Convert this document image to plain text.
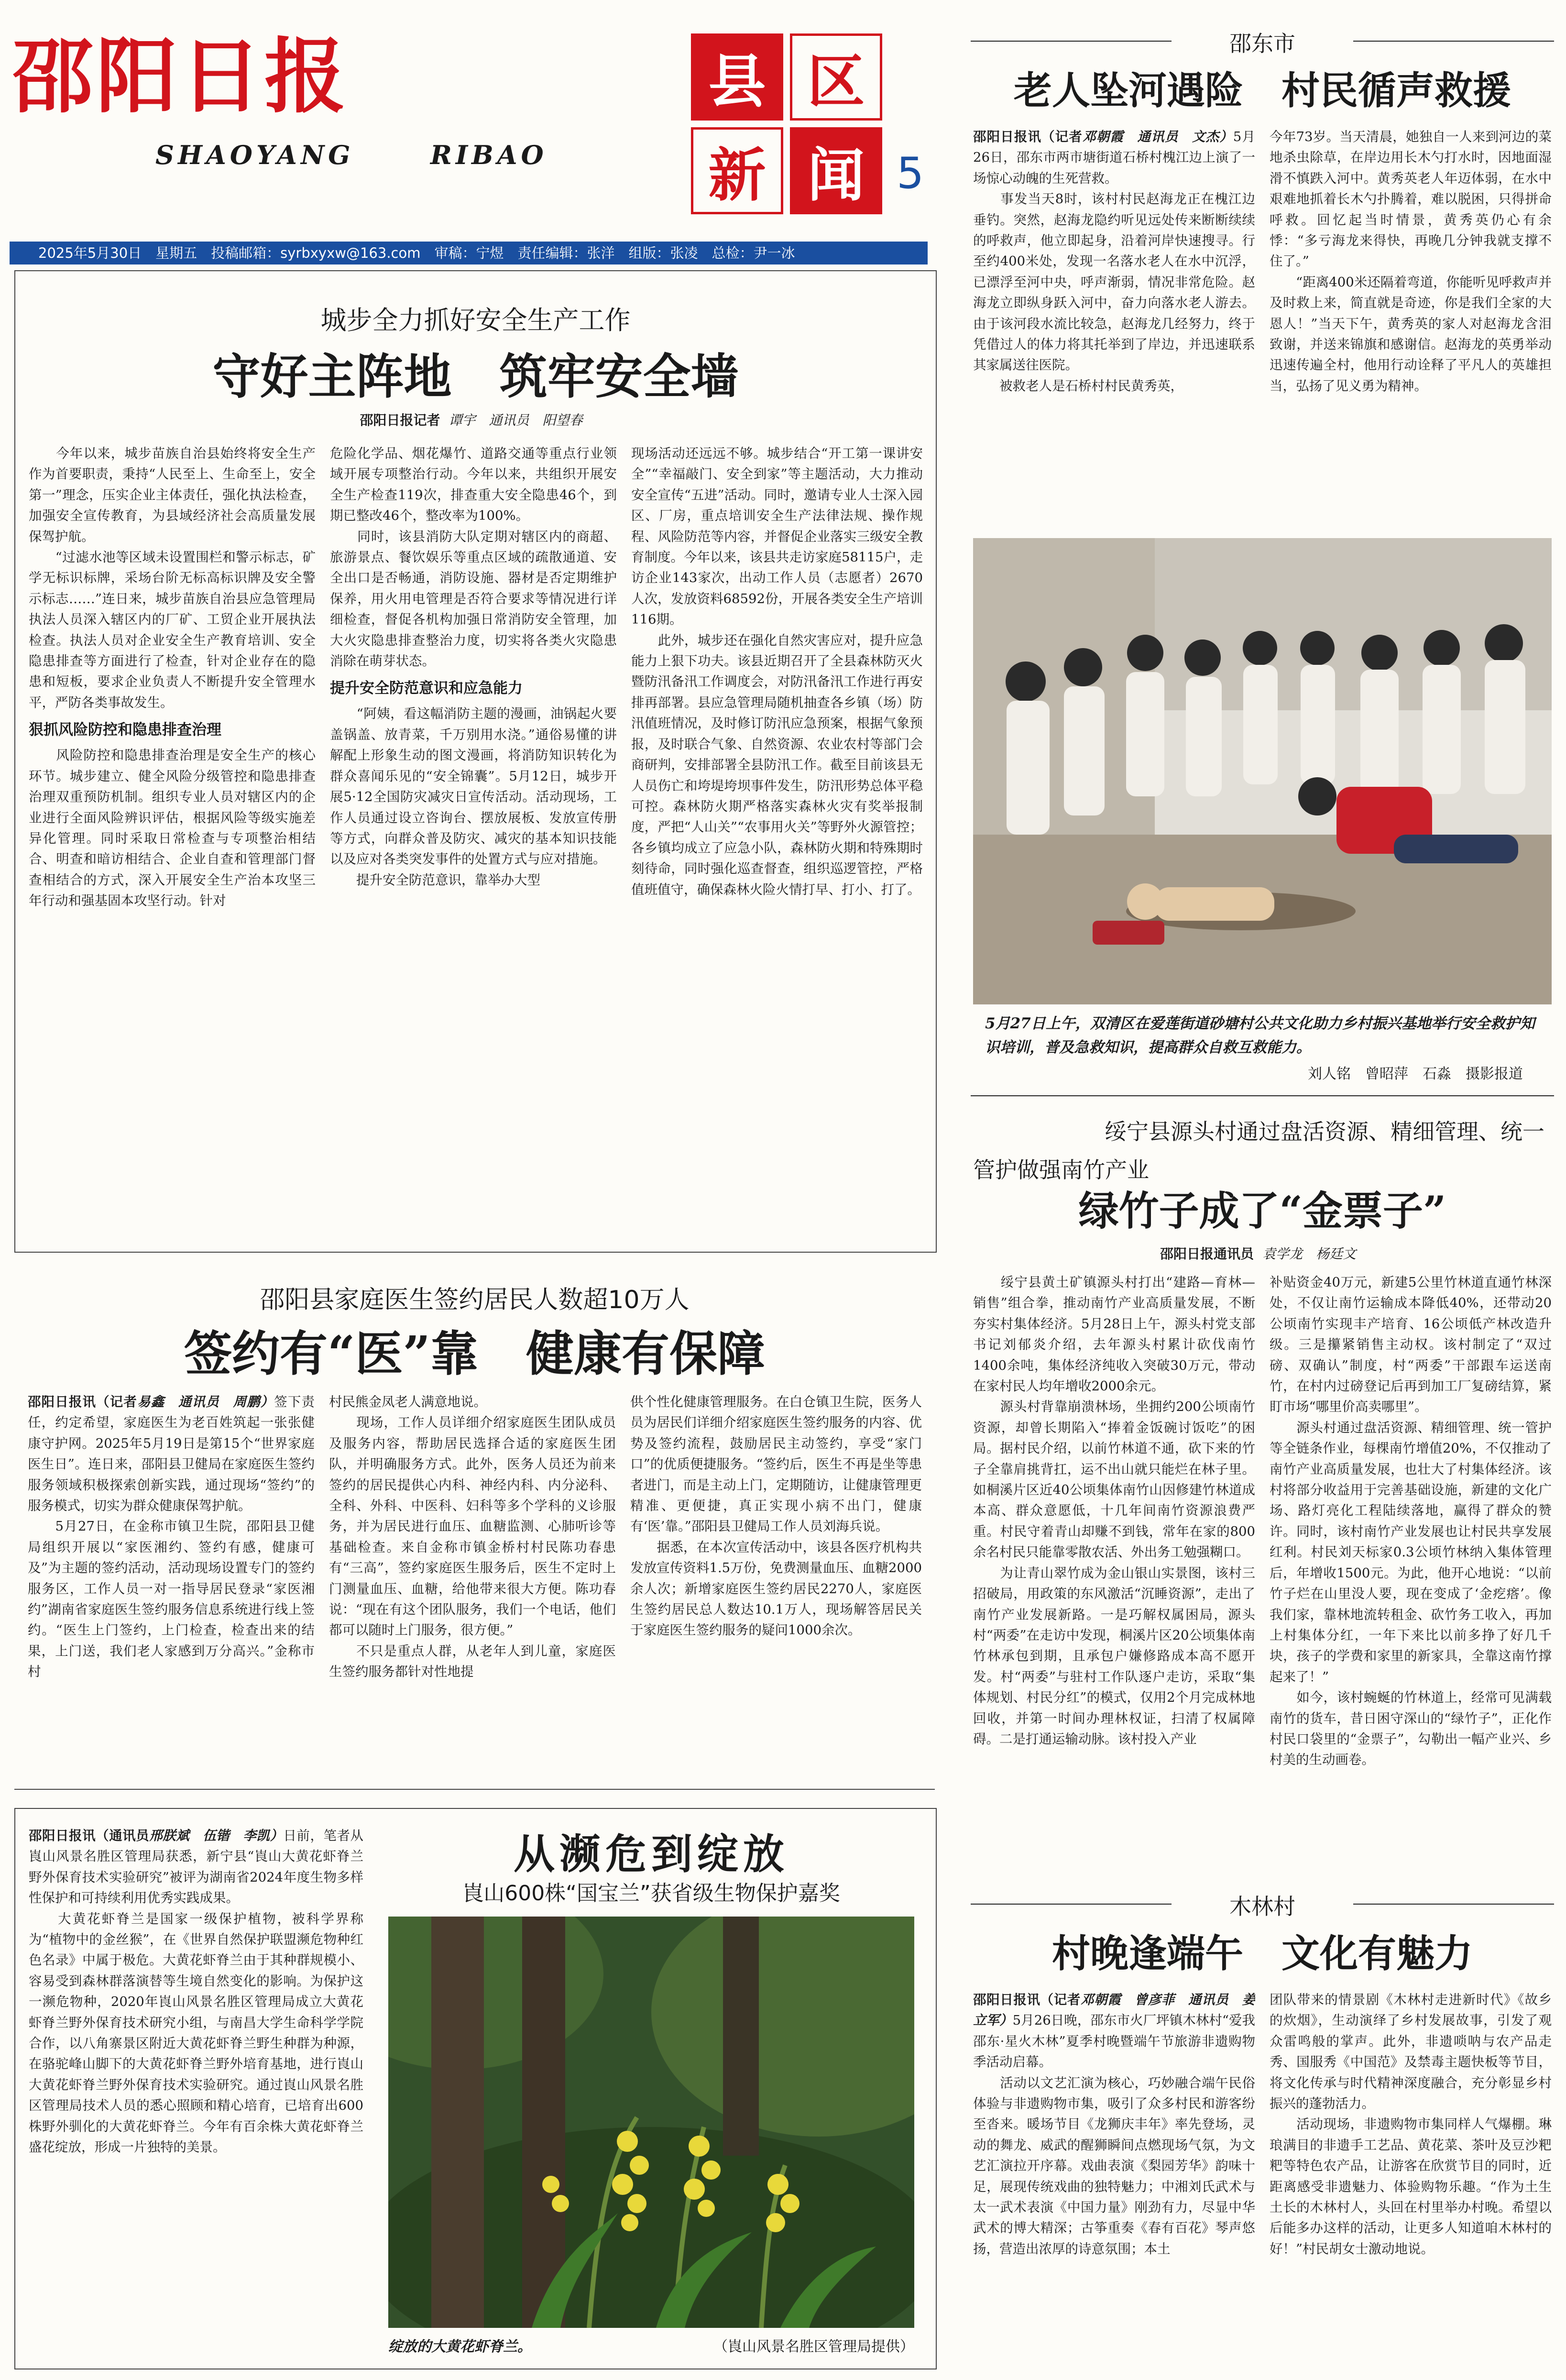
邵阳日报
SHAOYANG	RIBAO
县 区
新 闻 5
2025年5月30日　星期五　投稿邮箱：syrbxyxw@163.com　审稿：宁煜　责任编辑：张洋　组版：张凌　总检：尹一冰
城步全力抓好安全生产工作
守好主阵地　筑牢安全墙
邵阳日报记者 谭宇　通讯员　阳望春

　　今年以来，城步苗族自治县始终将安全生产作为首要职责，秉持“人民至上、生命至上，安全第一”理念，压实企业主体责任，强化执法检查，加强安全宣传教育，为县域经济社会高质量发展保驾护航。
　　“过滤水池等区域未设置围栏和警示标志，矿学无标识标牌，采场台阶无标高标识牌及安全警示标志……”连日来，城步苗族自治县应急管理局执法人员深入辖区内的厂矿、工贸企业开展执法检查。执法人员对企业安全生产教育培训、安全隐患排查等方面进行了检查，针对企业存在的隐患和短板，要求企业负责人不断提升安全管理水平，严防各类事故发生。

狠抓风险防控和隐患排查治理

　　风险防控和隐患排查治理是安全生产的核心环节。城步建立、健全风险分级管控和隐患排查治理双重预防机制。组织专业人员对辖区内的企业进行全面风险辨识评估，根据风险等级实施差异化管理。同时采取日常检查与专项整治相结合、明查和暗访相结合、企业自查和管理部门督查相结合的方式，深入开展安全生产治本攻坚三年行动和强基固本攻坚行动。针对

危险化学品、烟花爆竹、道路交通等重点行业领域开展专项整治行动。今年以来，共组织开展安全生产检查119次，排查重大安全隐患46个，到期已整改46个，整改率为100%。
　　同时，该县消防大队定期对辖区内的商超、旅游景点、餐饮娱乐等重点区域的疏散通道、安全出口是否畅通，消防设施、器材是否定期维护保养，用火用电管理是否符合要求等情况进行详细检查，督促各机构加强日常消防安全管理，加大火灾隐患排查整治力度，切实将各类火灾隐患消除在萌芽状态。

提升安全防范意识和应急能力

　　“阿姨，看这幅消防主题的漫画，油锅起火要盖锅盖、放青菜，千万别用水浇。”通俗易懂的讲解配上形象生动的图文漫画，将消防知识转化为群众喜闻乐见的“安全锦囊”。5月12日，城步开展5·12全国防灾减灾日宣传活动。活动现场，工作人员通过设立咨询台、摆放展板、发放宣传册等方式，向群众普及防灾、减灾的基本知识技能以及应对各类突发事件的处置方式与应对措施。
　　提升安全防范意识，靠举办大型

现场活动还远远不够。城步结合“开工第一课讲安全”“幸福敲门、安全到家”等主题活动，大力推动安全宣传“五进”活动。同时，邀请专业人士深入园区、厂房，重点培训安全生产法律法规、操作规程、风险防范等内容，并督促企业落实三级安全教育制度。今年以来，该县共走访家庭58115户，走访企业143家次，出动工作人员（志愿者）2670人次，发放资料68592份，开展各类安全生产培训116期。
　　此外，城步还在强化自然灾害应对，提升应急能力上狠下功夫。该县近期召开了全县森林防灭火暨防汛备汛工作调度会，对防汛备汛工作进行再安排再部署。县应急管理局随机抽查各乡镇（场）防汛值班情况，及时修订防汛应急预案，根据气象预报，及时联合气象、自然资源、农业农村等部门会商研判，安排部署全县防汛工作。截至目前该县无人员伤亡和垮堤垮坝事件发生，防汛形势总体平稳可控。森林防火期严格落实森林火灾有奖举报制度，严把“人山关”“农事用火关”等野外火源管控；各乡镇均成立了应急小队，森林防火期和特殊期时刻待命，同时强化巡查督查，组织巡逻管控，严格值班值守，确保森林火险火情打早、打小、打了。

邵阳县家庭医生签约居民人数超10万人
签约有“医”靠　健康有保障

邵阳日报讯（记者易鑫　通讯员　周鹏）签下责任，约定希望，家庭医生为老百姓筑起一张张健康守护网。2025年5月19日是第15个“世界家庭医生日”。连日来，邵阳县卫健局在家庭医生签约服务领域积极探索创新实践，通过现场“签约”的服务模式，切实为群众健康保驾护航。
　　5月27日，在金称市镇卫生院，邵阳县卫健局组织开展以“家医湘约、签约有感，健康可及”为主题的签约活动，活动现场设置专门的签约服务区，工作人员一对一指导居民登录“家医湘约”湖南省家庭医生签约服务信息系统进行线上签约。“医生上门签约，上门检查，检查出来的结果，上门送，我们老人家感到万分高兴。”金称市村

村民熊金凤老人满意地说。
　　现场，工作人员详细介绍家庭医生团队成员及服务内容，帮助居民选择合适的家庭医生团队，并明确服务方式。此外，医务人员还为前来签约的居民提供心内科、神经内科、内分泌科、全科、外科、中医科、妇科等多个学科的义诊服务，并为居民进行血压、血糖监测、心肺听诊等基础检查。来自金称市镇金桥村村民陈功春患有“三高”，签约家庭医生服务后，医生不定时上门测量血压、血糖，给他带来很大方便。陈功春说：“现在有这个团队服务，我们一个电话，他们都可以随时上门服务，很方便。”
　　不只是重点人群，从老年人到儿童，家庭医生签约服务都针对性地提

供个性化健康管理服务。在白仓镇卫生院，医务人员为居民们详细介绍家庭医生签约服务的内容、优势及签约流程，鼓励居民主动签约，享受“家门口”的优质便捷服务。“签约后，医生不再是坐等患者进门，而是主动上门，定期随访，让健康管理更精准、更便捷，真正实现小病不出门，健康有‘医’靠。”邵阳县卫健局工作人员刘海兵说。
　　据悉，在本次宣传活动中，该县各医疗机构共发放宣传资料1.5万份，免费测量血压、血糖2000余人次；新增家庭医生签约居民2270人，家庭医生签约居民总人数达10.1万人，现场解答居民关于家庭医生签约服务的疑问1000余次。

邵阳日报讯（通讯员邢朕斌　伍锴　李凯）日前，笔者从崀山风景名胜区管理局获悉，新宁县“崀山大黄花虾脊兰野外保育技术实验研究”被评为湖南省2024年度生物多样性保护和可持续利用优秀实践成果。
　　大黄花虾脊兰是国家一级保护植物，被科学界称为“植物中的金丝猴”，在《世界自然保护联盟濒危物种红色名录》中属于极危。大黄花虾脊兰由于其种群规模小、容易受到森林群落演替等生境自然变化的影响。为保护这一濒危物种，2020年崀山风景名胜区管理局成立大黄花虾脊兰野外保育技术研究小组，与南昌大学生命科学学院合作，以八角寨景区附近大黄花虾脊兰野生种群为种源，在骆驼峰山脚下的大黄花虾脊兰野外培育基地，进行崀山大黄花虾脊兰野外保育技术实验研究。通过崀山风景名胜区管理局技术人员的悉心照顾和精心培育，已培育出600株野外驯化的大黄花虾脊兰。今年有百余株大黄花虾脊兰盛花绽放，形成一片独特的美景。

从濒危到绽放
崀山600株“国宝兰”获省级生物保护嘉奖
绽放的大黄花虾脊兰。	（崀山风景名胜区管理局提供）
邵东市
老人坠河遇险　村民循声救援

邵阳日报讯（记者邓朝霞　通讯员　文杰）5月26日，邵东市两市塘街道石桥村槐江边上演了一场惊心动魄的生死营救。
　　事发当天8时，该村村民赵海龙正在槐江边垂钓。突然，赵海龙隐约听见远处传来断断续续的呼救声，他立即起身，沿着河岸快速搜寻。行至约400米处，发现一名落水老人在水中沉浮，已漂浮至河中央，呼声渐弱，情况非常危险。赵海龙立即纵身跃入河中，奋力向落水老人游去。由于该河段水流比较急，赵海龙几经努力，终于凭借过人的体力将其托举到了岸边，并迅速联系其家属送往医院。
　　被救老人是石桥村村民黄秀英，

今年73岁。当天清晨，她独自一人来到河边的菜地杀虫除草，在岸边用长木勺打水时，因地面湿滑不慎跌入河中。黄秀英老人年迈体弱，在水中艰难地抓着长木勺扑腾着，难以脱困，只得拼命呼救。回忆起当时情景，黄秀英仍心有余悸：“多亏海龙来得快，再晚几分钟我就支撑不住了。”
　　“距离400米还隔着弯道，你能听见呼救声并及时救上来，简直就是奇迹，你是我们全家的大恩人！”当天下午，黄秀英的家人对赵海龙含泪致谢，并送来锦旗和感谢信。赵海龙的英勇举动迅速传遍全村，他用行动诠释了平凡人的英雄担当，弘扬了见义勇为精神。

5月27日上午，双清区在爱莲街道砂塘村公共文化助力乡村振兴基地举行安全救护知识培训，普及急救知识，提高群众自救互救能力。
刘人铭　曾昭萍　石淼　摄影报道
绥宁县源头村通过盘活资源、精细管理、统一
管护做强南竹产业
绿竹子成了“金票子”
邵阳日报通讯员 袁学龙　杨廷文

　　绥宁县黄土矿镇源头村打出“建路—育林—销售”组合拳，推动南竹产业高质量发展，不断夯实村集体经济。5月28日上午，源头村党支部书记刘郁炎介绍，去年源头村累计砍伐南竹1400余吨，集体经济纯收入突破30万元，带动在家村民人均年增收2000余元。
　　源头村背靠崩溃林场，坐拥约200公顷南竹资源，却曾长期陷入“捧着金饭碗讨饭吃”的困局。据村民介绍，以前竹林道不通，砍下来的竹子全靠肩挑背扛，运不出山就只能烂在林子里。如桐溪片区近40公顷集体南竹山因修建竹林道成本高、群众意愿低，十几年间南竹资源浪费严重。村民守着青山却赚不到钱，常年在家的800余名村民只能靠零散农活、外出务工勉强糊口。
　　为让青山翠竹成为金山银山实景图，该村三招破局，用政策的东风激活“沉睡资源”，走出了南竹产业发展新路。一是巧解权属困局，源头村“两委”在走访中发现，桐溪片区20公顷集体南竹林承包到期，且承包户嫌修路成本高不愿开发。村“两委”与驻村工作队逐户走访，采取“集体规划、村民分红”的模式，仅用2个月完成林地回收，并第一时间办理林权证，扫清了权属障碍。二是打通运输动脉。该村投入产业

补贴资金40万元，新建5公里竹林道直通竹林深处，不仅让南竹运输成本降低40%，还带动20公顷南竹实现丰产培育、16公顷低产林改造升级。三是攥紧销售主动权。该村制定了“双过磅、双确认”制度，村“两委”干部跟车运送南竹，在村内过磅登记后再到加工厂复磅结算，紧盯市场“哪里价高卖哪里”。
　　源头村通过盘活资源、精细管理、统一管护等全链条作业，每棵南竹增值20%，不仅推动了南竹产业高质量发展，也壮大了村集体经济。该村将部分收益用于完善基础设施，新建的文化广场、路灯亮化工程陆续落地，赢得了群众的赞许。同时，该村南竹产业发展也让村民共享发展红利。村民刘天标家0.3公顷竹林纳入集体管理后，年增收1500元。为此，他开心地说：“以前竹子烂在山里没人要，现在变成了‘金疙瘩’。像我们家，靠林地流转租金、砍竹务工收入，再加上村集体分红，一年下来比以前多挣了好几千块，孩子的学费和家里的新家具，全靠这南竹撑起来了！”
　　如今，该村蜿蜒的竹林道上，经常可见满载南竹的货车，昔日困守深山的“绿竹子”，正化作村民口袋里的“金票子”，勾勒出一幅产业兴、乡村美的生动画卷。

木林村
村晚逢端午　文化有魅力

邵阳日报讯（记者邓朝霞　曾彦菲　通讯员　姜立军）5月26日晚，邵东市火厂坪镇木林村“爱我邵东·星火木林”夏季村晚暨端午节旅游非遗购物季活动启幕。
　　活动以文艺汇演为核心，巧妙融合端午民俗体验与非遗购物市集，吸引了众多村民和游客纷至沓来。暖场节目《龙狮庆丰年》率先登场，灵动的舞龙、威武的醒狮瞬间点燃现场气氛，为文艺汇演拉开序幕。戏曲表演《梨园芳华》韵味十足，展现传统戏曲的独特魅力；中湘刘氏武术与太一武术表演《中国力量》刚劲有力，尽显中华武术的博大精深；古筝重奏《春有百花》琴声悠扬，营造出浓厚的诗意氛围；本土

团队带来的情景剧《木林村走进新时代》《故乡的炊烟》，生动演绎了乡村发展故事，引发了观众雷鸣般的掌声。此外，非遗唢呐与农产品走秀、国服秀《中国范》及禁毒主题快板等节目，将文化传承与时代精神深度融合，充分彰显乡村振兴的蓬勃活力。
　　活动现场，非遗购物市集同样人气爆棚。琳琅满目的非遗手工艺品、黄花菜、茶叶及豆沙粑粑等特色农产品，让游客在欣赏节目的同时，近距离感受非遗魅力、体验购物乐趣。“作为土生土长的木林村人，头回在村里举办村晚。希望以后能多办这样的活动，让更多人知道咱木林村的好！”村民胡女士激动地说。
